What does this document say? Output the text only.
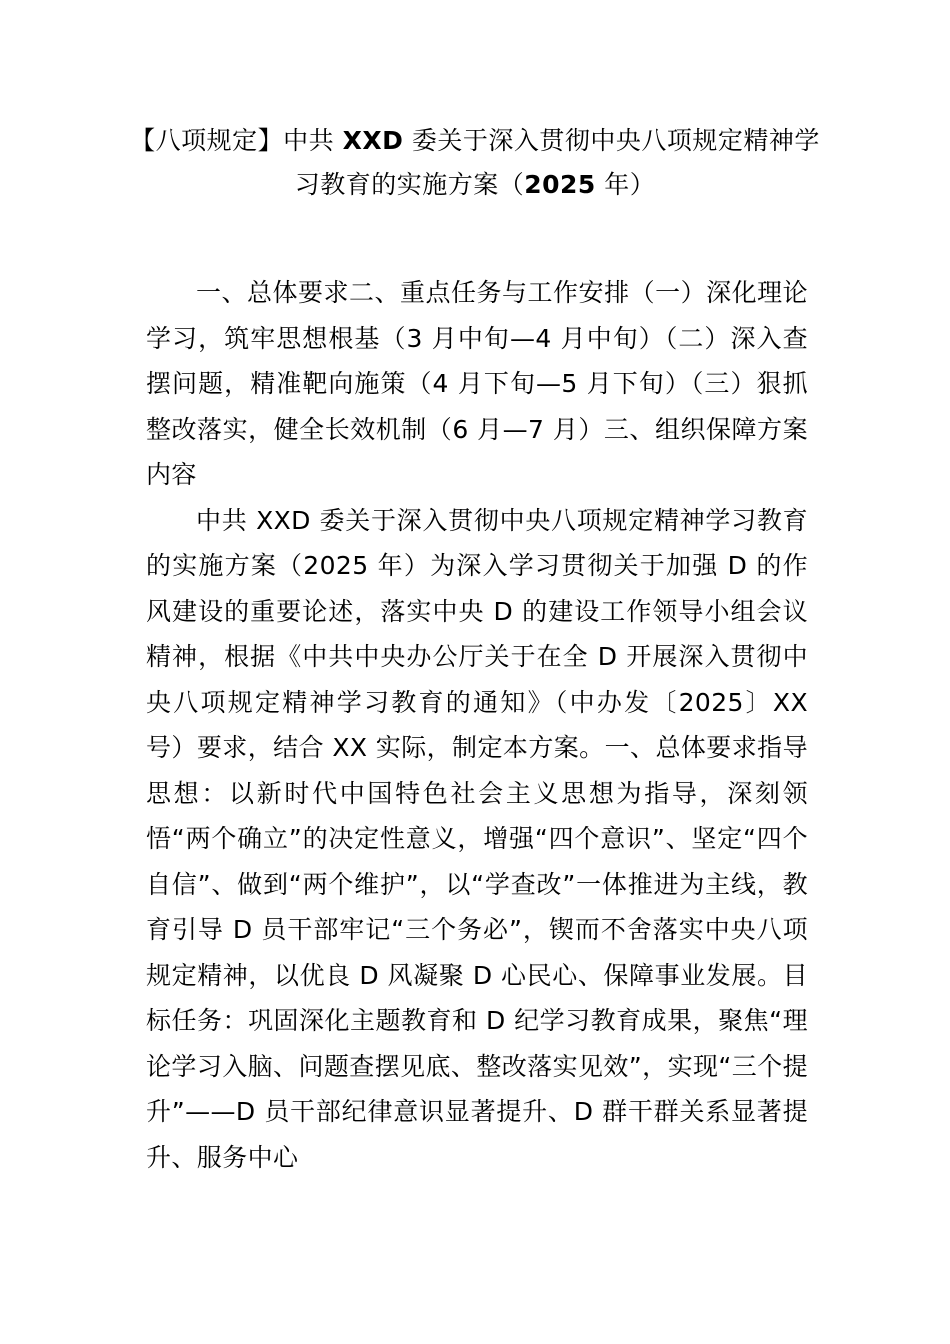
【八项规定】中共 XXD 委关于深入贯彻中央八项规定精神学习教育的实施方案（2025 年）

一、总体要求二、重点任务与工作安排（一）深化理论学习，筑牢思想根基（3 月中旬—4 月中旬）（二）深入查摆问题，精准靶向施策（4 月下旬—5 月下旬）（三）狠抓整改落实，健全长效机制（6 月—7 月）三、组织保障方案内容

中共 XXD 委关于深入贯彻中央八项规定精神学习教育的实施方案（2025 年）为深入学习贯彻关于加强 D 的作风建设的重要论述，落实中央 D 的建设工作领导小组会议精神，根据《中共中央办公厅关于在全 D 开展深入贯彻中央八项规定精神学习教育的通知》（中办发〔2025〕XX 号）要求，结合 XX 实际，制定本方案。一、总体要求指导思想：以新时代中国特色社会主义思想为指导，深刻领悟“两个确立”的决定性意义，增强“四个意识”、坚定“四个自信”、做到“两个维护”，以“学查改”一体推进为主线，教育引导 D 员干部牢记“三个务必”，锲而不舍落实中央八项规定精神，以优良 D 风凝聚 D 心民心、保障事业发展。目标任务：巩固深化主题教育和 D 纪学习教育成果，聚焦“理论学习入脑、问题查摆见底、整改落实见效”，实现“三个提升”——D 员干部纪律意识显著提升、D 群干群关系显著提升、服务中心
